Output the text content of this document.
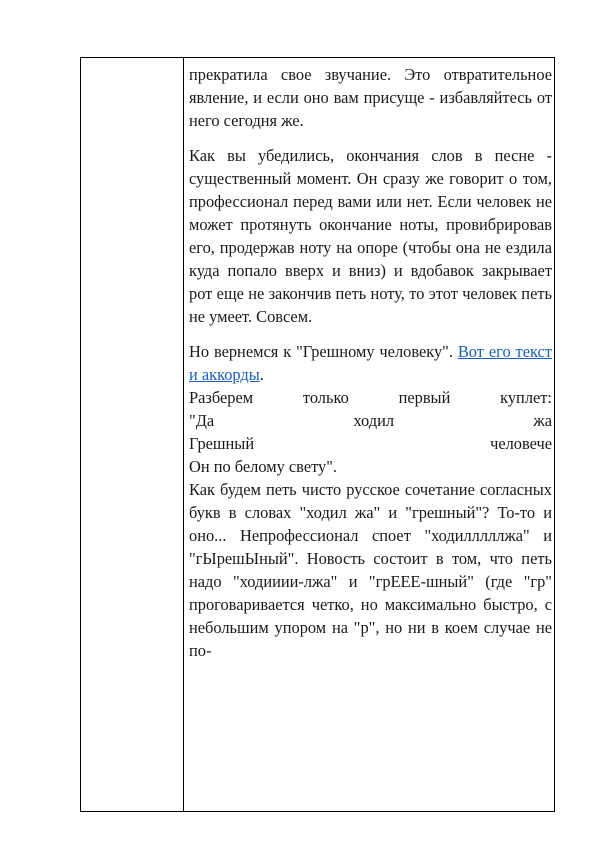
прекратила свое звучание. Это отвратительное явление, и если оно вам присуще - избавляйтесь от него сегодня же.

Как вы убедились, окончания слов в песне - существенный момент. Он сразу же говорит о том, профессионал перед вами или нет. Если человек не может протянуть окончание ноты, провибрировав его, продержав ноту на опоре (чтобы она не ездила куда попало вверх и вниз) и вдобавок закрывает рот еще не закончив петь ноту, то этот человек петь не умеет. Совсем.

Но вернемся к "Грешному человеку". Вот его текст и аккорды.

Разберем только первый куплет:
"Да ходил жа
Грешный человече
Он по белому свету".

Как будем петь чисто русское сочетание согласных букв в словах "ходил жа" и "грешный"? То-то и оно... Непрофессионал споет "ходилллллжа" и "гЫрешЫный". Новость состоит в том, что петь надо "ходииии-лжа" и "грЕЕЕ-шный" (где "гр" проговаривается четко, но максимально быстро, с небольшим упором на "р", но ни в коем случае не по-
